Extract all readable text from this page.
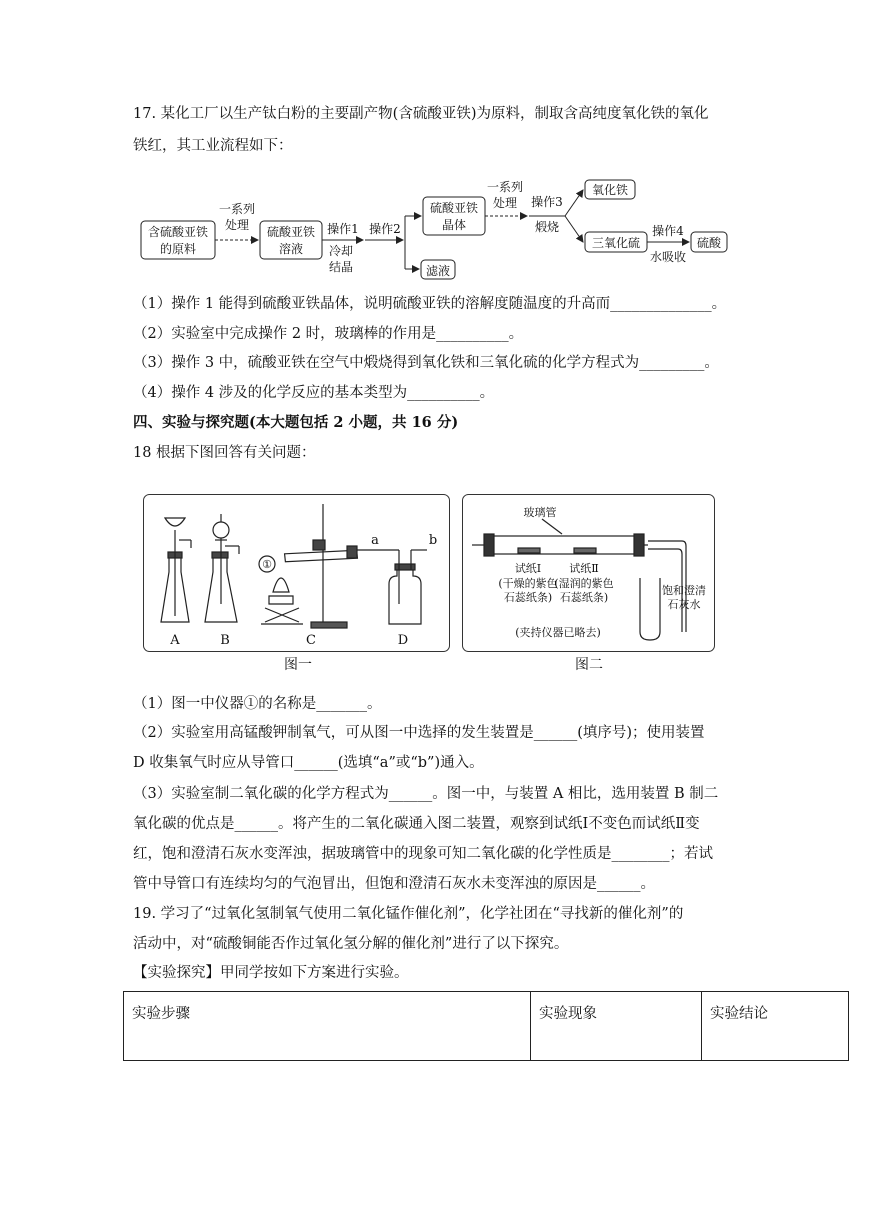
17. 某化工厂以生产钛白粉的主要副产物(含硫酸亚铁)为原料，制取含高纯度氧化铁的氧化
铁红，其工业流程如下：
含硫酸亚铁
的原料
一系列
处理 硫酸亚铁
溶液
操作1
冷却
结晶
操作2
硫酸亚铁
晶体
滤液
一系列
处理 操作3
煅烧
氧化铁
三氧化硫
操作4
水吸收
硫酸
（1）操作 1 能得到硫酸亚铁晶体，说明硫酸亚铁的溶解度随温度的升高而______________。
（2）实验室中完成操作 2 时，玻璃棒的作用是__________。
（3）操作 3 中，硫酸亚铁在空气中煅烧得到氧化铁和三氧化硫的化学方程式为_________。
（4）操作 4 涉及的化学反应的基本类型为__________。
四、实验与探究题(本大题包括 2 小题，共 16 分)
18 根据下图回答有关问题：
①
a	b
A	B	C	D
图一
玻璃管
试纸Ⅰ
(干燥的紫色
石蕊纸条)
试纸Ⅱ
(湿润的紫色
石蕊纸条)
饱和澄清
石灰水
(夹持仪器已略去)
图二
（1）图一中仪器①的名称是_______。
（2）实验室用高锰酸钾制氧气，可从图一中选择的发生装置是______(填序号)；使用装置
D 收集氧气时应从导管口______(选填“a”或“b”)通入。
（3）实验室制二氧化碳的化学方程式为______。图一中，与装置 A 相比，选用装置 B 制二
氧化碳的优点是______。将产生的二氧化碳通入图二装置，观察到试纸Ⅰ不变色而试纸Ⅱ变
红，饱和澄清石灰水变浑浊，据玻璃管中的现象可知二氧化碳的化学性质是________；若试
管中导管口有连续均匀的气泡冒出，但饱和澄清石灰水未变浑浊的原因是______。
19. 学习了“过氧化氢制氧气使用二氧化锰作催化剂”，化学社团在“寻找新的催化剂”的
活动中，对“硫酸铜能否作过氧化氢分解的催化剂”进行了以下探究。
【实验探究】甲同学按如下方案进行实验。
实验步骤	实验现象	实验结论
